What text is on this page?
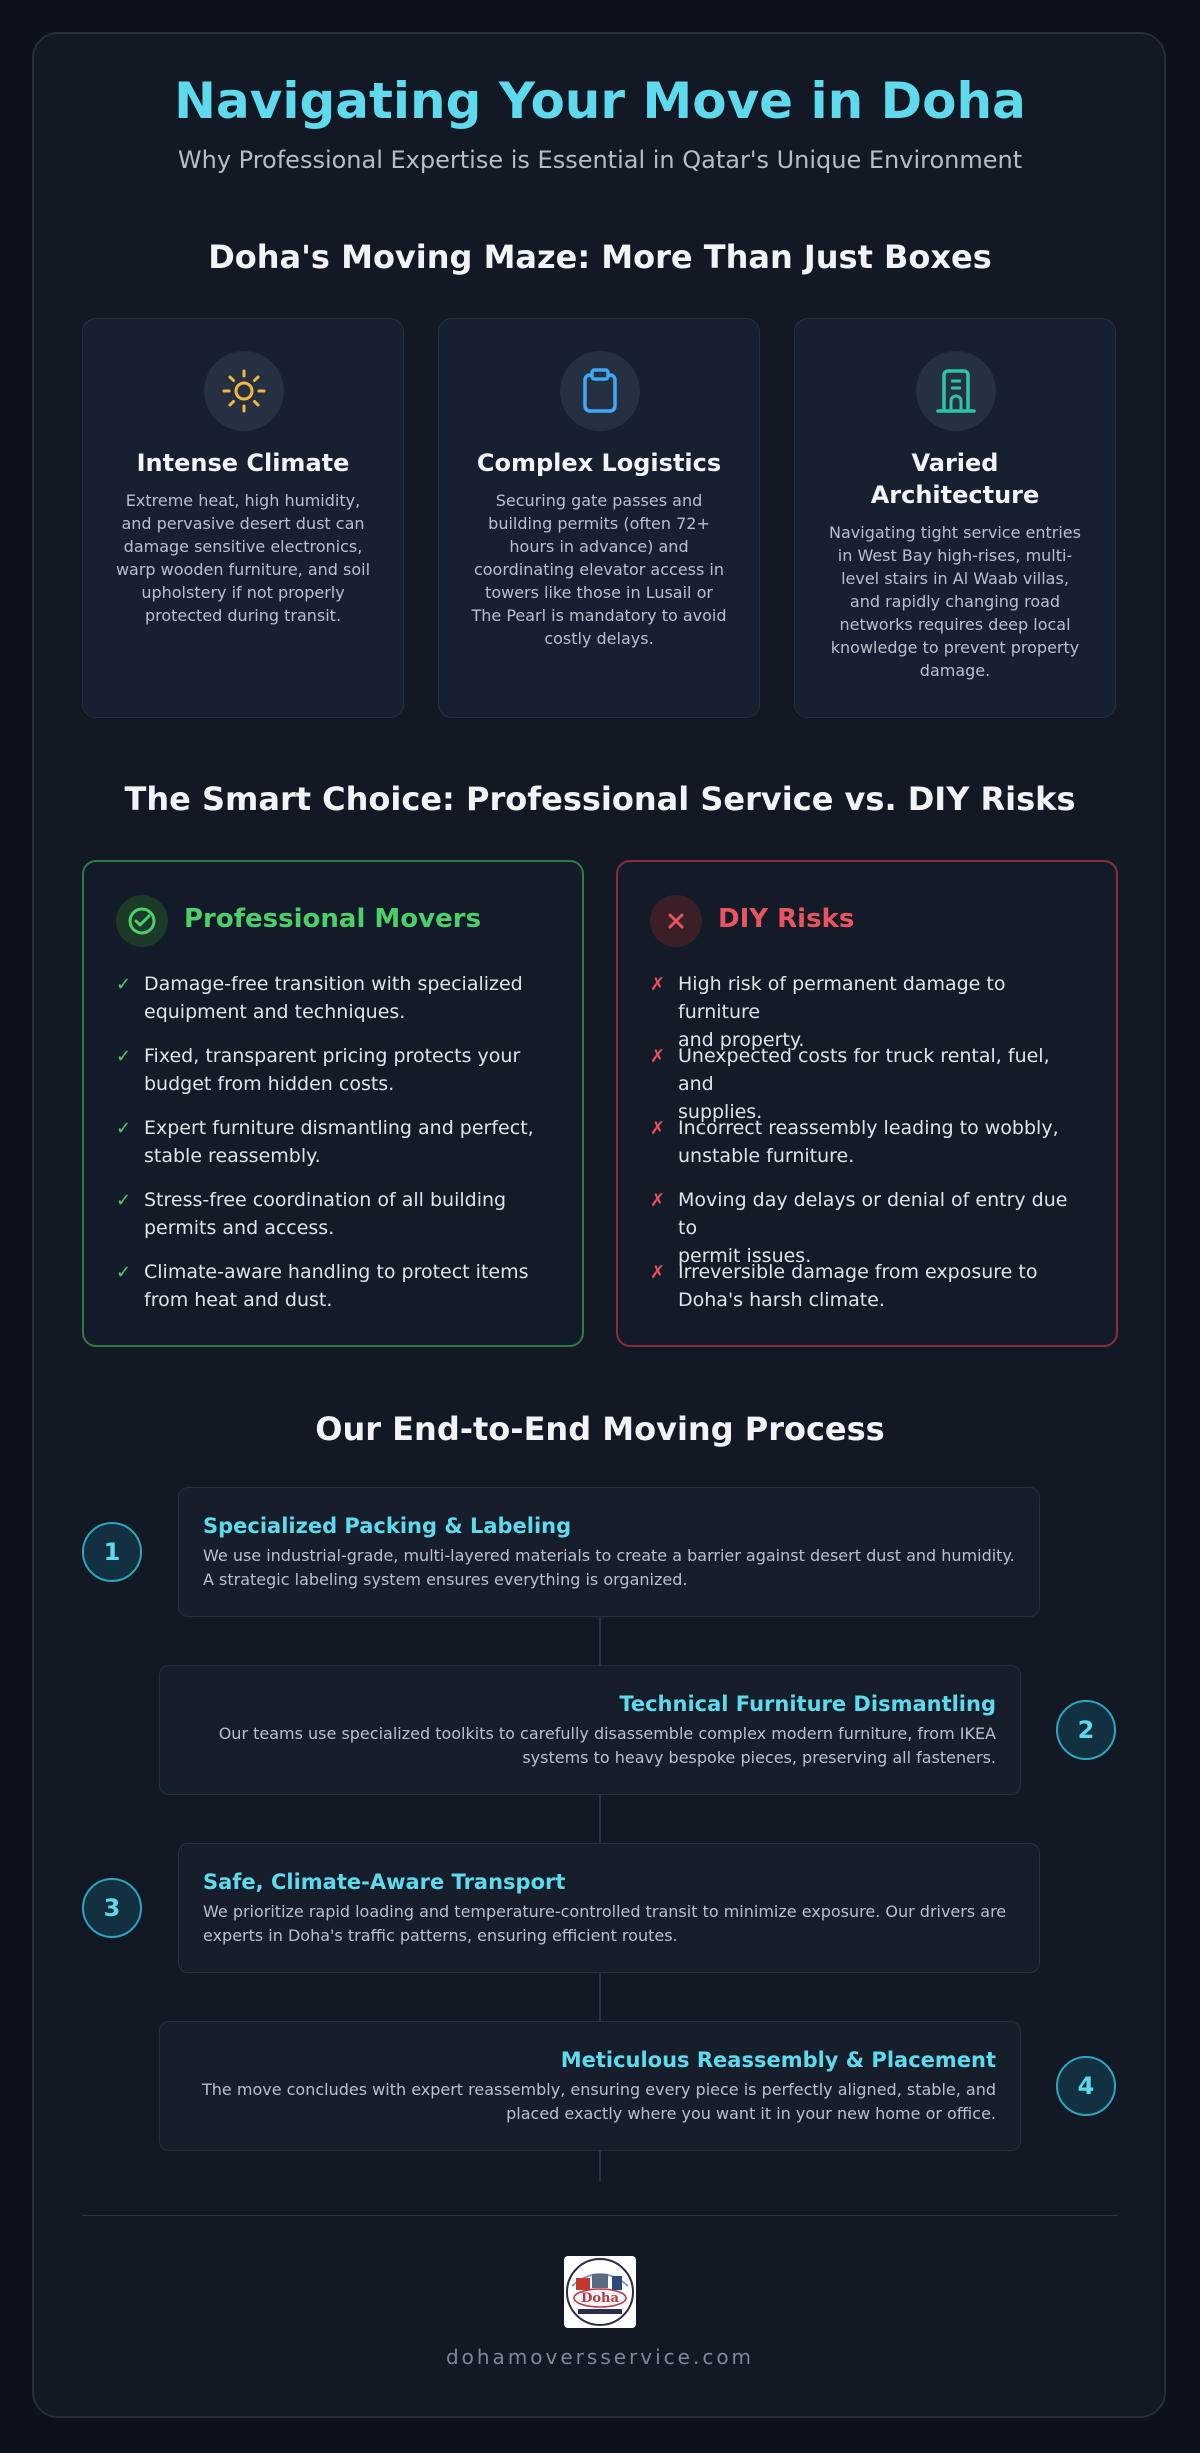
Navigating Your Move in Doha
Why Professional Expertise is Essential in Qatar's Unique Environment
Doha's Moving Maze: More Than Just Boxes
Intense Climate
Extreme heat, high humidity,
and pervasive desert dust can
damage sensitive electronics,
warp wooden furniture, and soil
upholstery if not properly
protected during transit.
Complex Logistics
Securing gate passes and
building permits (often 72+
hours in advance) and
coordinating elevator access in
towers like those in Lusail or
The Pearl is mandatory to avoid
costly delays.
Varied
Architecture
Navigating tight service entries
in West Bay high-rises, multi-
level stairs in Al Waab villas,
and rapidly changing road
networks requires deep local
knowledge to prevent property
damage.
The Smart Choice: Professional Service vs. DIY Risks
Professional Movers
✓ Damage-free transition with specialized
equipment and techniques.
✓ Fixed, transparent pricing protects your
budget from hidden costs.
✓ Expert furniture dismantling and perfect,
stable reassembly.
✓ Stress-free coordination of all building
permits and access.
✓ Climate-aware handling to protect items
from heat and dust.
DIY Risks
✗ High risk of permanent damage to furniture
and property.
✗ Unexpected costs for truck rental, fuel, and
supplies.
✗ Incorrect reassembly leading to wobbly,
unstable furniture.
✗ Moving day delays or denial of entry due to
permit issues.
✗ Irreversible damage from exposure to
Doha's harsh climate.
Our End-to-End Moving Process
1
Specialized Packing & Labeling
We use industrial-grade, multi-layered materials to create a barrier against desert dust and humidity.
A strategic labeling system ensures everything is organized.
Technical Furniture Dismantling
Our teams use specialized toolkits to carefully disassemble complex modern furniture, from IKEA
systems to heavy bespoke pieces, preserving all fasteners.
2
3
Safe, Climate-Aware Transport
We prioritize rapid loading and temperature-controlled transit to minimize exposure. Our drivers are
experts in Doha's traffic patterns, ensuring efficient routes.
Meticulous Reassembly & Placement
The move concludes with expert reassembly, ensuring every piece is perfectly aligned, stable, and
placed exactly where you want it in your new home or office.
4
Doha
dohamoversservice.com
